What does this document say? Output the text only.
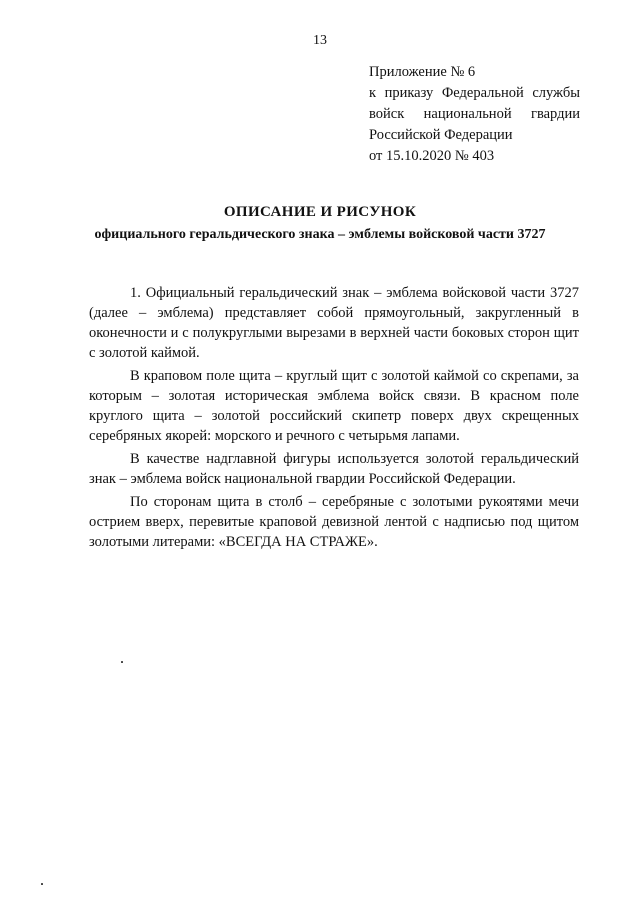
13
Приложение № 6
к приказу Федеральной службы
войск национальной гвардии
Российской Федерации
от 15.10.2020 № 403
ОПИСАНИЕ И РИСУНОК
официального геральдического знака – эмблемы войсковой части 3727

1. Официальный геральдический знак – эмблема войсковой части 3727 (далее – эмблема) представляет собой прямоугольный, закругленный в оконечности и с полукруглыми вырезами в верхней части боковых сторон щит с золотой каймой.

В краповом поле щита – круглый щит с золотой каймой со скрепами, за которым – золотая историческая эмблема войск связи. В красном поле круглого щита – золотой российский скипетр поверх двух скрещенных серебряных якорей: морского и речного с четырьмя лапами.

В качестве надглавной фигуры используется золотой геральдический знак – эмблема войск национальной гвардии Российской Федерации.

По сторонам щита в столб – серебряные с золотыми рукоятями мечи острием вверх, перевитые краповой девизной лентой с надписью под щитом золотыми литерами: «ВСЕГДА НА СТРАЖЕ».
